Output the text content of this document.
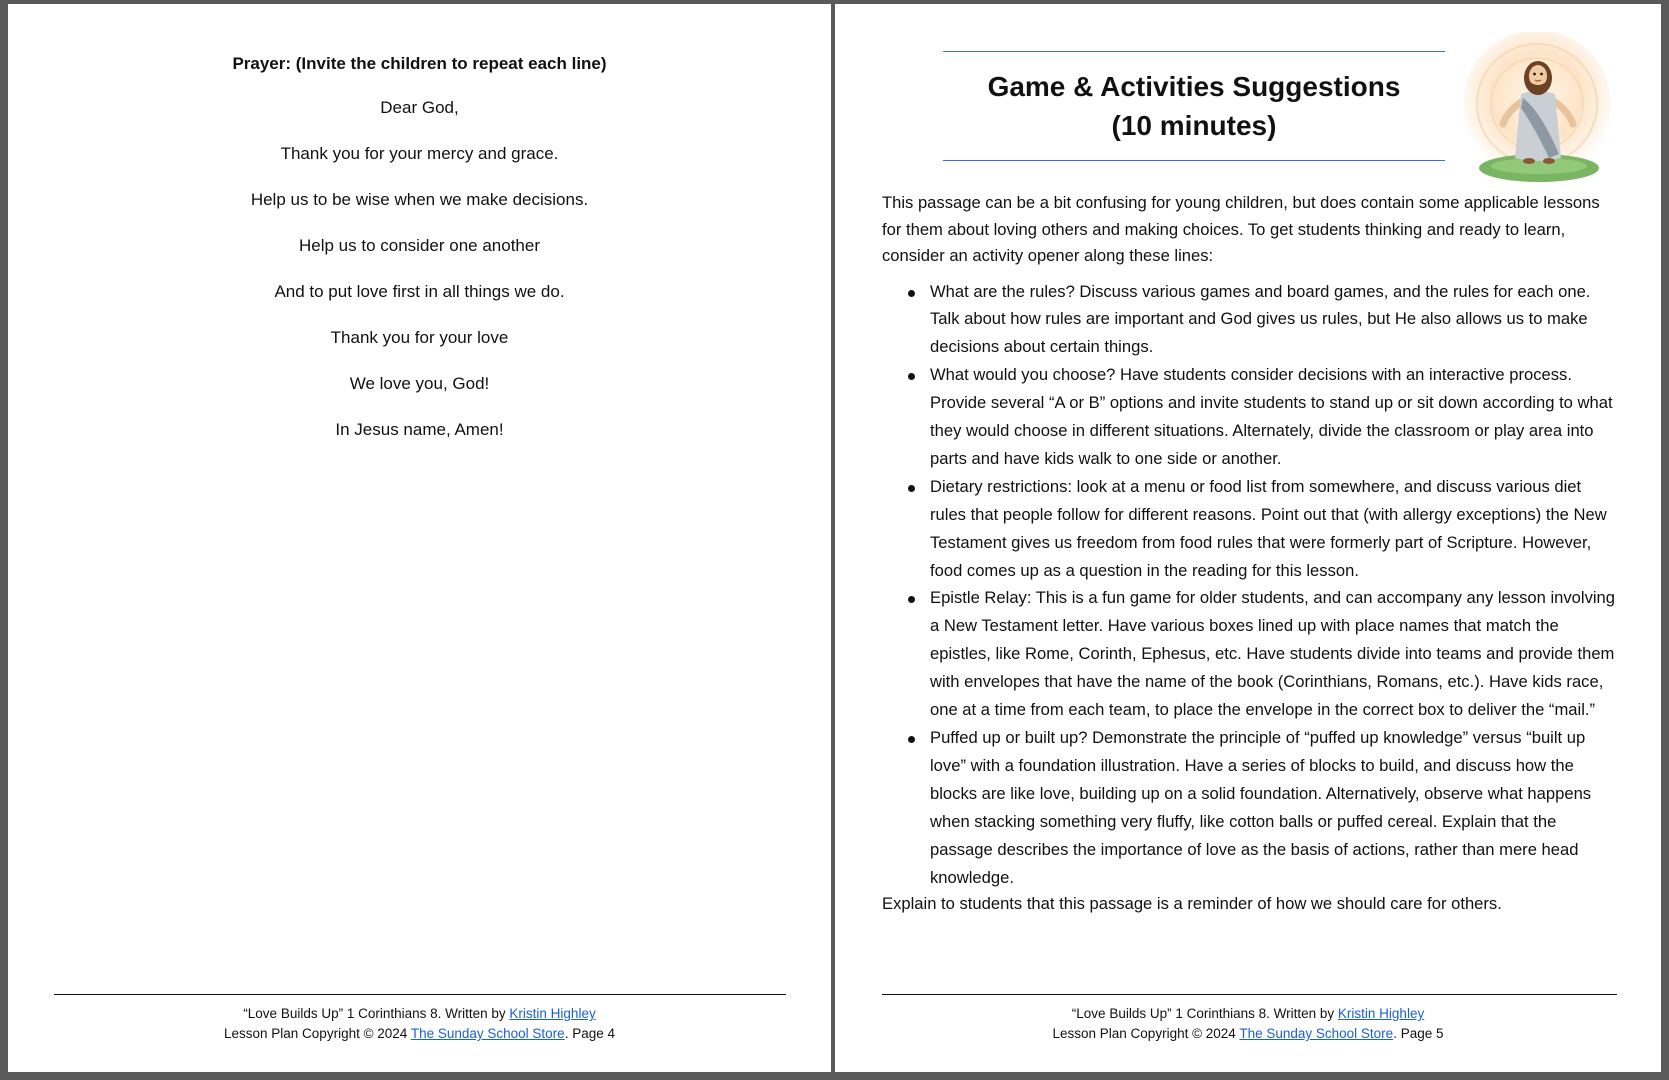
Prayer: (Invite the children to repeat each line)

Dear God,

Thank you for your mercy and grace.

Help us to be wise when we make decisions.

Help us to consider one another

And to put love first in all things we do.

Thank you for your love

We love you, God!

In Jesus name, Amen!

“Love Builds Up” 1 Corinthians 8. Written by Kristin Highley
Lesson Plan Copyright © 2024 The Sunday School Store. Page 4
Game & Activities Suggestions
(10 minutes)

This passage can be a bit confusing for young children, but does contain some applicable lessons for them about loving others and making choices. To get students thinking and ready to learn, consider an activity opener along these lines:

What are the rules? Discuss various games and board games, and the rules for each one. Talk about how rules are important and God gives us rules, but He also allows us to make decisions about certain things.
What would you choose? Have students consider decisions with an interactive process. Provide several “A or B” options and invite students to stand up or sit down according to what they would choose in different situations. Alternately, divide the classroom or play area into parts and have kids walk to one side or another.
Dietary restrictions: look at a menu or food list from somewhere, and discuss various diet rules that people follow for different reasons. Point out that (with allergy exceptions) the New Testament gives us freedom from food rules that were formerly part of Scripture. However, food comes up as a question in the reading for this lesson.
Epistle Relay: This is a fun game for older students, and can accompany any lesson involving a New Testament letter. Have various boxes lined up with place names that match the epistles, like Rome, Corinth, Ephesus, etc. Have students divide into teams and provide them with envelopes that have the name of the book (Corinthians, Romans, etc.). Have kids race, one at a time from each team, to place the envelope in the correct box to deliver the “mail.”
Puffed up or built up? Demonstrate the principle of “puffed up knowledge” versus “built up love” with a foundation illustration. Have a series of blocks to build, and discuss how the blocks are like love, building up on a solid foundation. Alternatively, observe what happens when stacking something very fluffy, like cotton balls or puffed cereal. Explain that the passage describes the importance of love as the basis of actions, rather than mere head knowledge.

Explain to students that this passage is a reminder of how we should care for others.

“Love Builds Up” 1 Corinthians 8. Written by Kristin Highley
Lesson Plan Copyright © 2024 The Sunday School Store. Page 5
